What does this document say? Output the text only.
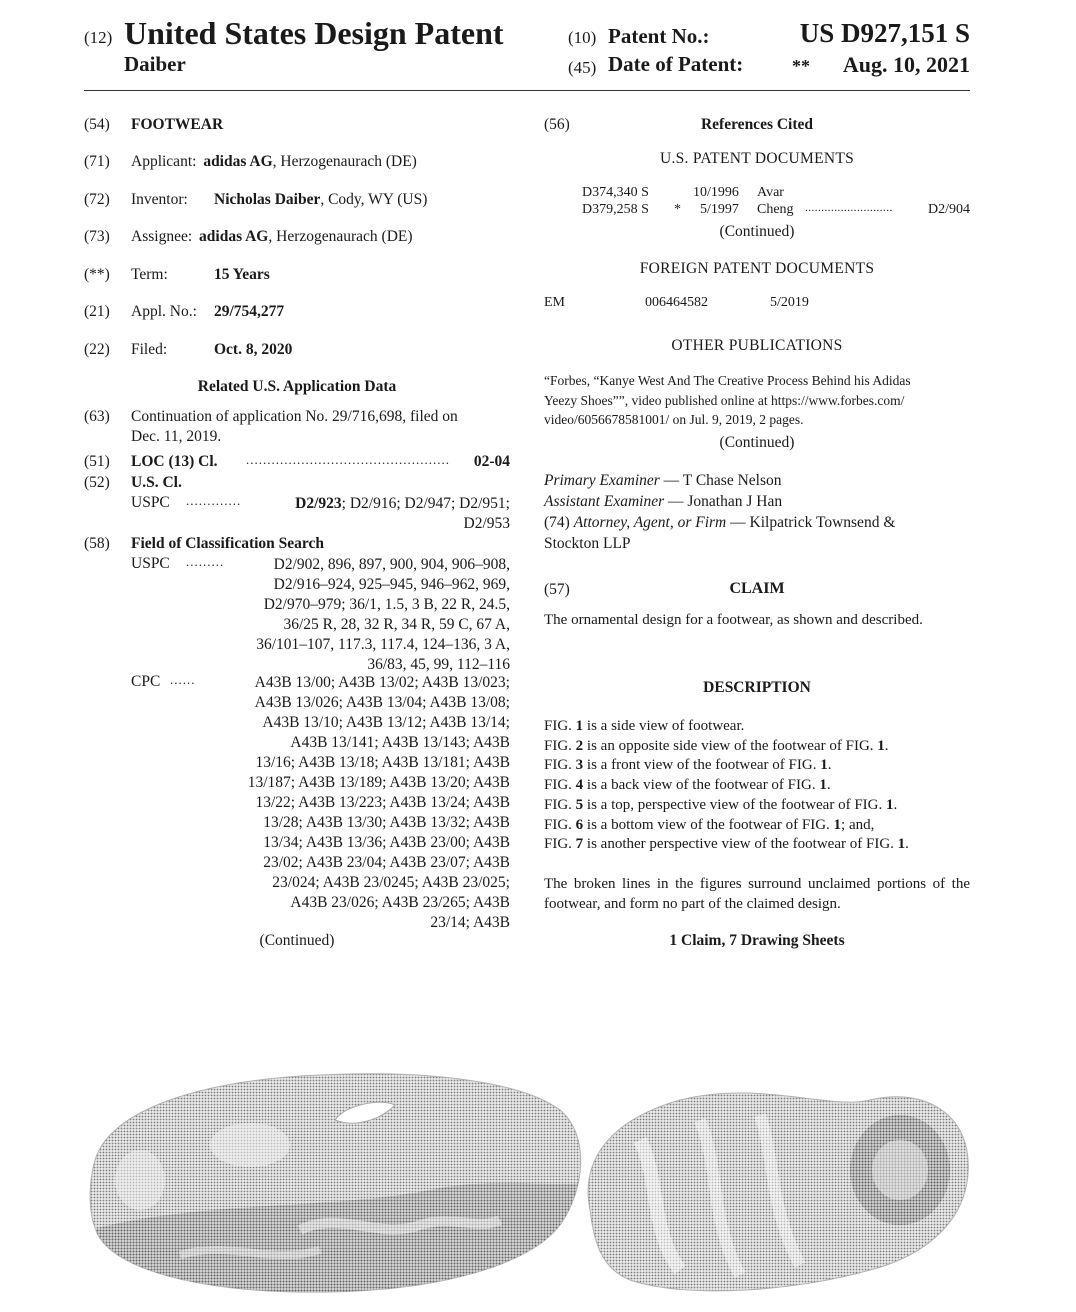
(12) United States Design Patent
Daiber
(10) Patent No.:	US D927,151 S
(45) Date of Patent:	** Aug. 10, 2021
(54) FOOTWEAR
(71) Applicant: adidas AG, Herzogenaurach (DE)
(72) Inventor: Nicholas Daiber, Cody, WY (US)
(73) Assignee: adidas AG, Herzogenaurach (DE)
(**) Term:	15 Years
(21) Appl. No.: 29/754,277
(22) Filed:	Oct. 8, 2020
Related U.S. Application Data
(63) Continuation of application No. 29/716,698, filed on
Dec. 11, 2019.
(51) LOC (13) Cl. ................................................	02-04
(52) U.S. Cl.
USPC .............	D2/923; D2/916; D2/947; D2/951;
D2/953
(58) Field of Classification Search
USPC .........	D2/902, 896, 897, 900, 904, 906–908,
D2/916–924, 925–945, 946–962, 969,
D2/970–979; 36/1, 1.5, 3 B, 22 R, 24.5,
36/25 R, 28, 32 R, 34 R, 59 C, 67 A,
36/101–107, 117.3, 117.4, 124–136, 3 A,
36/83, 45, 99, 112–116
CPC ......	A43B 13/00; A43B 13/02; A43B 13/023;
A43B 13/026; A43B 13/04; A43B 13/08;
A43B 13/10; A43B 13/12; A43B 13/14;
A43B 13/141; A43B 13/143; A43B
13/16; A43B 13/18; A43B 13/181; A43B
13/187; A43B 13/189; A43B 13/20; A43B
13/22; A43B 13/223; A43B 13/24; A43B
13/28; A43B 13/30; A43B 13/32; A43B
13/34; A43B 13/36; A43B 23/00; A43B
23/02; A43B 23/04; A43B 23/07; A43B
23/024; A43B 23/0245; A43B 23/025;
A43B 23/026; A43B 23/265; A43B
23/14; A43B
(Continued)
(56)	References Cited
U.S. PATENT DOCUMENTS
D374,340 S	10/1996 Avar
D379,258 S * 5/1997 Cheng ...........................	D2/904
(Continued)
FOREIGN PATENT DOCUMENTS
EM	006464582	5/2019
OTHER PUBLICATIONS
“Forbes, “Kanye West And The Creative Process Behind his Adidas
Yeezy Shoes””, video published online at https://www.forbes.com/
video/6056678581001/ on Jul. 9, 2019, 2 pages.
(Continued)
Primary Examiner — T Chase Nelson
Assistant Examiner — Jonathan J Han
(74) Attorney, Agent, or Firm — Kilpatrick Townsend &
Stockton LLP
(57)	CLAIM
The ornamental design for a footwear, as shown and described.
DESCRIPTION
FIG. 1 is a side view of footwear.
FIG. 2 is an opposite side view of the footwear of FIG. 1.
FIG. 3 is a front view of the footwear of FIG. 1.
FIG. 4 is a back view of the footwear of FIG. 1.
FIG. 5 is a top, perspective view of the footwear of FIG. 1.
FIG. 6 is a bottom view of the footwear of FIG. 1; and,
FIG. 7 is another perspective view of the footwear of FIG. 1.
The broken lines in the figures surround unclaimed portions of the footwear, and form no part of the claimed design.
1 Claim, 7 Drawing Sheets
